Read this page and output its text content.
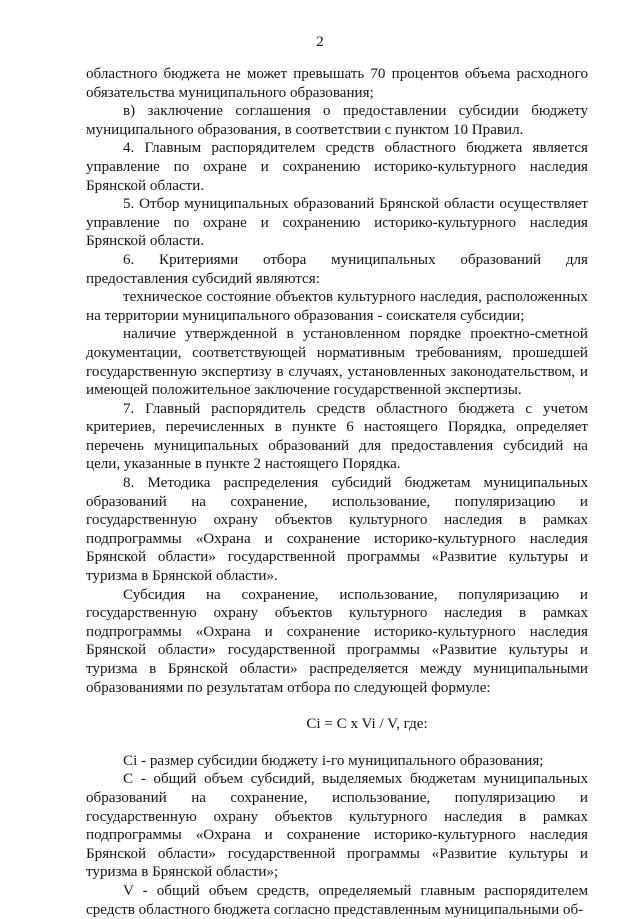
2

областного бюджета не может превышать 70 процентов объема расходного обязательства муниципального образования;

в) заключение соглашения о предоставлении субсидии бюджету муниципального образования, в соответствии с пунктом 10 Правил.

4. Главным распорядителем средств областного бюджета является управление по охране и сохранению историко-культурного наследия Брянской области.

5. Отбор муниципальных образований Брянской области осуществляет управление по охране и сохранению историко-культурного наследия Брянской области.

6. Критериями отбора муниципальных образований для предоставления субсидий являются:

техническое состояние объектов культурного наследия, расположенных на территории муниципального образования - соискателя субсидии;

наличие утвержденной в установленном порядке проектно-сметной документации, соответствующей нормативным требованиям, прошедшей государственную экспертизу в случаях, установленных законодательством, и имеющей положительное заключение государственной экспертизы.

7. Главный распорядитель средств областного бюджета с учетом критериев, перечисленных в пункте 6 настоящего Порядка, определяет перечень муниципальных образований для предоставления субсидий на цели, указанные в пункте 2 настоящего Порядка.

8. Методика распределения субсидий бюджетам муниципальных образований на сохранение, использование, популяризацию и государственную охрану объектов культурного наследия в рамках подпрограммы «Охрана и сохранение историко-культурного наследия Брянской области» государственной программы «Развитие культуры и туризма в Брянской области».

Субсидия на сохранение, использование, популяризацию и государственную охрану объектов культурного наследия в рамках подпрограммы «Охрана и сохранение историко-культурного наследия Брянской области» государственной программы «Развитие культуры и туризма в Брянской области» распределяется между муниципальными образованиями по результатам отбора по следующей формуле:

Ci = C x Vi / V, где:

Ci - размер субсидии бюджету i-го муниципального образования;

C - общий объем субсидий, выделяемых бюджетам муниципальных образований на сохранение, использование, популяризацию и государственную охрану объектов культурного наследия в рамках подпрограммы «Охрана и сохранение историко-культурного наследия Брянской области» государственной программы «Развитие культуры и туризма в Брянской области»;

V - общий объем средств, определяемый главным распорядителем средств областного бюджета согласно представленным муниципальными об-
